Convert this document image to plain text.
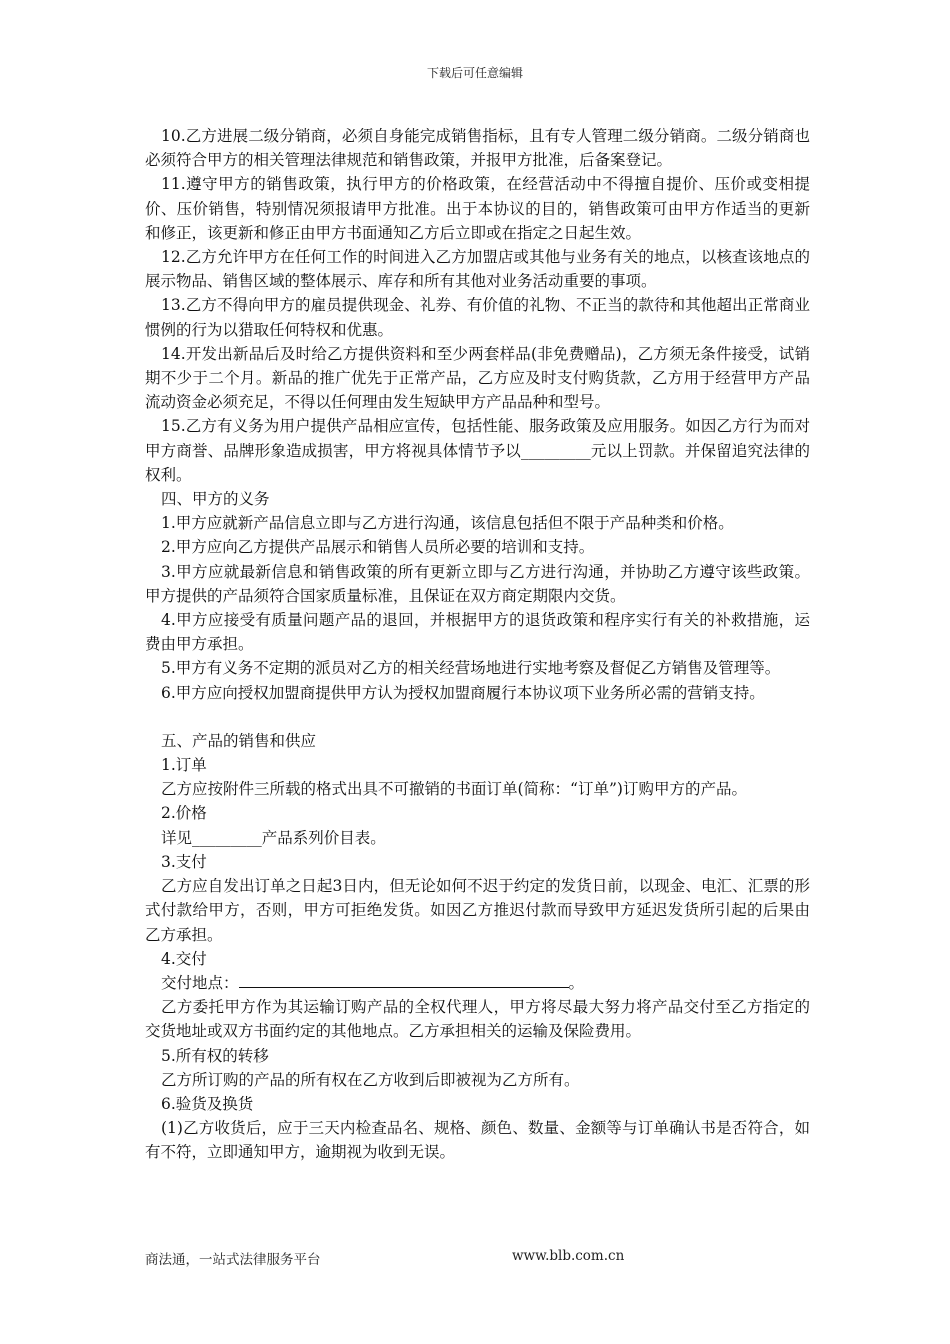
下载后可任意编辑

10.乙方进展二级分销商，必须自身能完成销售指标，且有专人管理二级分销商。二级分销商也必须符合甲方的相关管理法律规范和销售政策，并报甲方批准，后备案登记。

11.遵守甲方的销售政策，执行甲方的价格政策，在经营活动中不得擅自提价、压价或变相提价、压价销售，特别情况须报请甲方批准。出于本协议的目的，销售政策可由甲方作适当的更新和修正，该更新和修正由甲方书面通知乙方后立即或在指定之日起生效。

12.乙方允许甲方在任何工作的时间进入乙方加盟店或其他与业务有关的地点，以核查该地点的展示物品、销售区域的整体展示、库存和所有其他对业务活动重要的事项。

13.乙方不得向甲方的雇员提供现金、礼券、有价值的礼物、不正当的款待和其他超出正常商业惯例的行为以猎取任何特权和优惠。

14.开发出新品后及时给乙方提供资料和至少两套样品(非免费赠品)，乙方须无条件接受，试销期不少于二个月。新品的推广优先于正常产品，乙方应及时支付购货款，乙方用于经营甲方产品流动资金必须充足，不得以任何理由发生短缺甲方产品品种和型号。

15.乙方有义务为用户提供产品相应宣传，包括性能、服务政策及应用服务。如因乙方行为而对甲方商誉、品牌形象造成损害，甲方将视具体情节予以_________元以上罚款。并保留追究法律的权利。

四、甲方的义务

1.甲方应就新产品信息立即与乙方进行沟通，该信息包括但不限于产品种类和价格。

2.甲方应向乙方提供产品展示和销售人员所必要的培训和支持。

3.甲方应就最新信息和销售政策的所有更新立即与乙方进行沟通，并协助乙方遵守该些政策。甲方提供的产品须符合国家质量标准，且保证在双方商定期限内交货。

4.甲方应接受有质量问题产品的退回，并根据甲方的退货政策和程序实行有关的补救措施，运费由甲方承担。

5.甲方有义务不定期的派员对乙方的相关经营场地进行实地考察及督促乙方销售及管理等。

6.甲方应向授权加盟商提供甲方认为授权加盟商履行本协议项下业务所必需的营销支持。

五、产品的销售和供应

1.订单

乙方应按附件三所载的格式出具不可撤销的书面订单(简称：“订单”)订购甲方的产品。

2.价格

详见_________产品系列价目表。

3.支付

乙方应自发出订单之日起3日内，但无论如何不迟于约定的发货日前，以现金、电汇、汇票的形式付款给甲方，否则，甲方可拒绝发货。如因乙方推迟付款而导致甲方延迟发货所引起的后果由乙方承担。

4.交付

交付地点：	。

乙方委托甲方作为其运输订购产品的全权代理人，甲方将尽最大努力将产品交付至乙方指定的交货地址或双方书面约定的其他地点。乙方承担相关的运输及保险费用。

5.所有权的转移

乙方所订购的产品的所有权在乙方收到后即被视为乙方所有。

6.验货及换货

(1)乙方收货后，应于三天内检查品名、规格、颜色、数量、金额等与订单确认书是否符合，如有不符，立即通知甲方，逾期视为收到无误。

商法通，一站式法律服务平台	www.blb.com.cn
